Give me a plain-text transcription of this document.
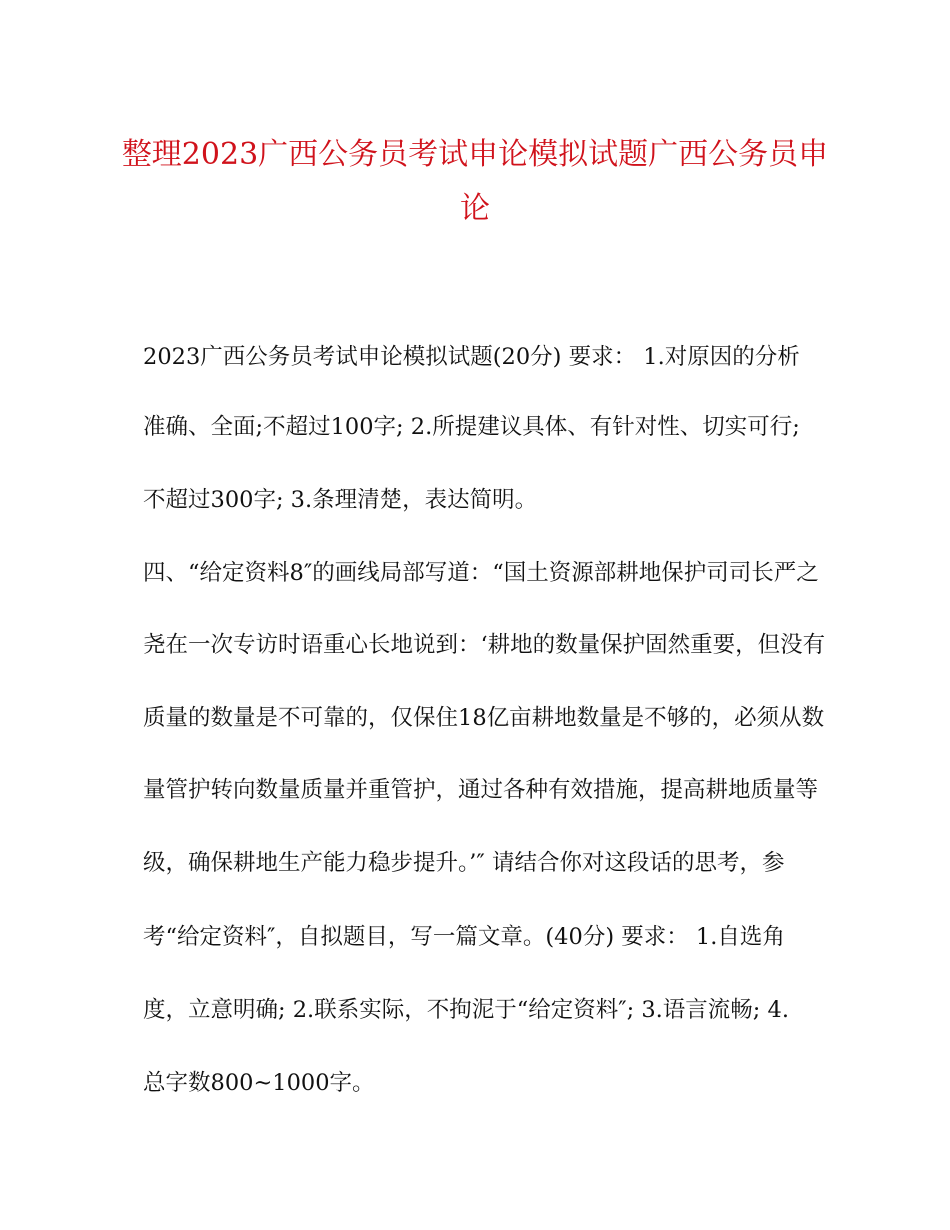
整理2023广西公务员考试申论模拟试题广西公务员申论

2023广西公务员考试申论模拟试题(20分) 要求： 1.对原因的分析

准确、全面;不超过100字; 2.所提建议具体、有针对性、切实可行;

不超过300字; 3.条理清楚，表达简明。

四、“给定资料8″的画线局部写道：“国土资源部耕地保护司司长严之

尧在一次专访时语重心长地说到：‘耕地的数量保护固然重要，但没有

质量的数量是不可靠的，仅保住18亿亩耕地数量是不够的，必须从数

量管护转向数量质量并重管护，通过各种有效措施，提高耕地质量等

级，确保耕地生产能力稳步提升。’″ 请结合你对这段话的思考，参

考“给定资料″，自拟题目，写一篇文章。(40分) 要求： 1.自选角

度，立意明确; 2.联系实际，不拘泥于“给定资料″; 3.语言流畅; 4.

总字数800~1000字。
